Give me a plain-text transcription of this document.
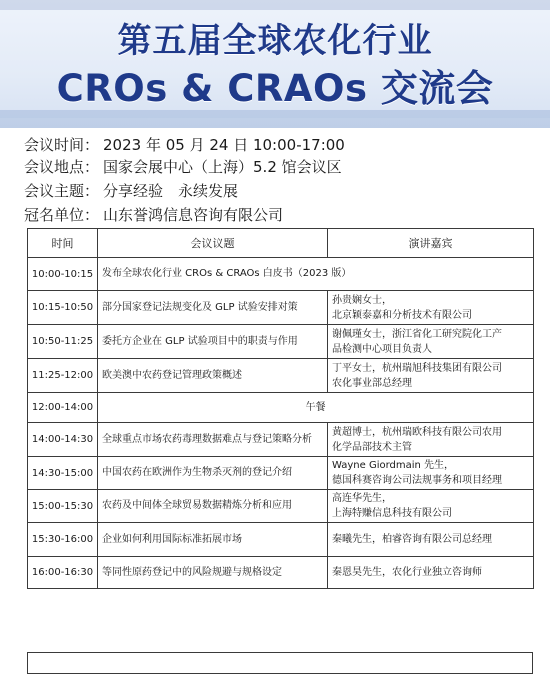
第五届全球农化行业
CROs & CRAOs 交流会
会议时间： 2023 年 05 月 24 日 10:00-17:00
会议地点： 国家会展中心（上海）5.2 馆会议区
会议主题： 分享经验　永续发展
冠名单位： 山东誉鸿信息咨询有限公司
时间	会议议题	演讲嘉宾
10:00-10:15	发布全球农化行业 CROs & CRAOs 白皮书（2023 版）	
10:15-10:50	部分国家登记法规变化及 GLP 试验安排对策	孙贵娴女士，
北京颖泰嘉和分析技术有限公司

10:50-11:25	委托方企业在 GLP 试验项目中的职责与作用	谢佩瑾女士，浙江省化工研究院化工产
品检测中心项目负责人

11:25-12:00	欧美澳中农药登记管理政策概述	丁平女士，杭州瑞旭科技集团有限公司
农化事业部总经理

12:00-14:00	午餐	
14:00-14:30	全球重点市场农药毒理数据难点与登记策略分析	黄超博士，杭州瑞欧科技有限公司农用
化学品部技术主管

14:30-15:00	中国农药在欧洲作为生物杀灭剂的登记介绍	Wayne Giordmain 先生，
德国科赛咨询公司法规事务和项目经理

15:00-15:30	农药及中间体全球贸易数据精炼分析和应用	高连华先生，
上海特赚信息科技有限公司

15:30-16:00	企业如何利用国际标准拓展市场	秦曦先生，柏睿咨询有限公司总经理

16:00-16:30	等同性原药登记中的风险规避与规格设定	秦恩昊先生，农化行业独立咨询师
